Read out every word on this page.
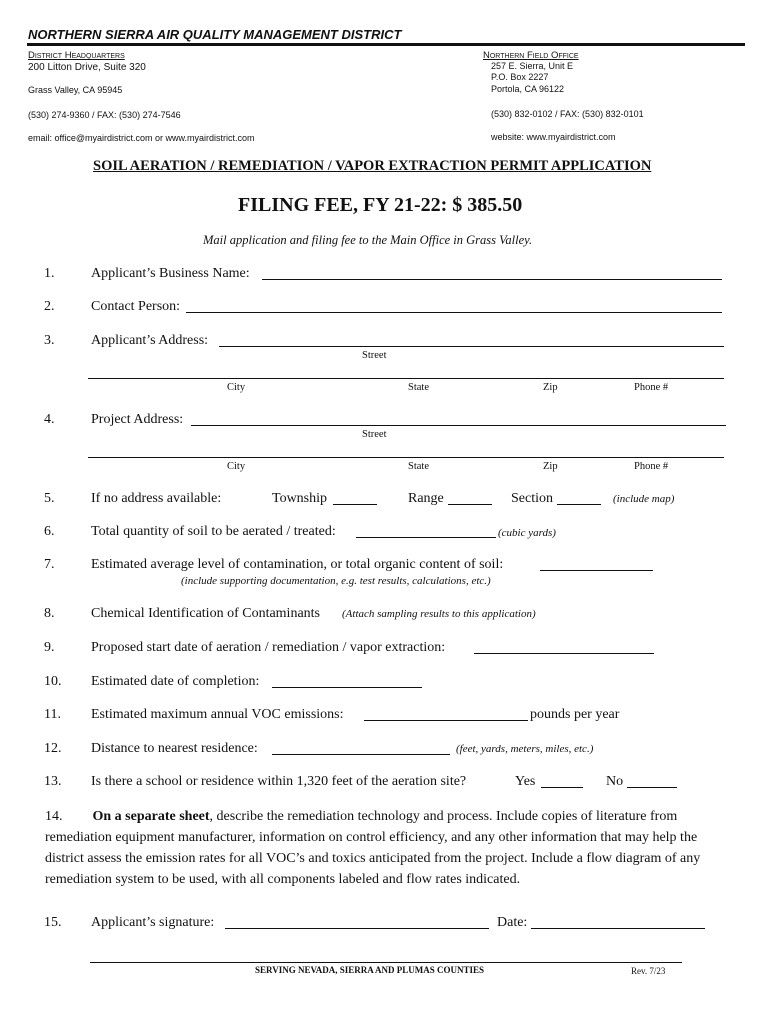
NORTHERN SIERRA AIR QUALITY MANAGEMENT DISTRICT
District Headquarters
200 Litton Drive, Suite 320
Grass Valley, CA 95945
(530) 274-9360 / FAX: (530) 274-7546
email: office@myairdistrict.com or www.myairdistrict.com
Northern Field Office
257 E. Sierra, Unit E
P.O. Box 2227
Portola, CA 96122
(530) 832-0102 / FAX: (530) 832-0101
website: www.myairdistrict.com
SOIL AERATION / REMEDIATION / VAPOR EXTRACTION PERMIT APPLICATION
FILING FEE, FY 21-22: $ 385.50
Mail application and filing fee to the Main Office in Grass Valley.
1.	Applicant’s Business Name:
2.	Contact Person:
3.	Applicant’s Address:
Street
City	State	Zip	Phone #
4.	Project Address:
Street
City	State	Zip	Phone #
5.	If no address available:	Township	Range	Section	(include map)
6.	Total quantity of soil to be aerated / treated:	(cubic yards)
7.	Estimated average level of contamination, or total organic content of soil:
(include supporting documentation, e.g. test results, calculations, etc.)
8.	Chemical Identification of Contaminants (Attach sampling results to this application)
9.	Proposed start date of aeration / remediation / vapor extraction:
10. Estimated date of completion:
11. Estimated maximum annual VOC emissions:	pounds per year
12. Distance to nearest residence:	(feet, yards, meters, miles, etc.)
13. Is there a school or residence within 1,320 feet of the aeration site?	Yes	No
14. On a separate sheet, describe the remediation technology and process. Include copies of literature from remediation equipment manufacturer, information on control efficiency, and any other information that may help the district assess the emission rates for all VOC’s and toxics anticipated from the project. Include a flow diagram of any remediation system to be used, with all components labeled and flow rates indicated.
15. Applicant’s signature:	Date:
SERVING NEVADA, SIERRA AND PLUMAS COUNTIES	Rev. 7/23
